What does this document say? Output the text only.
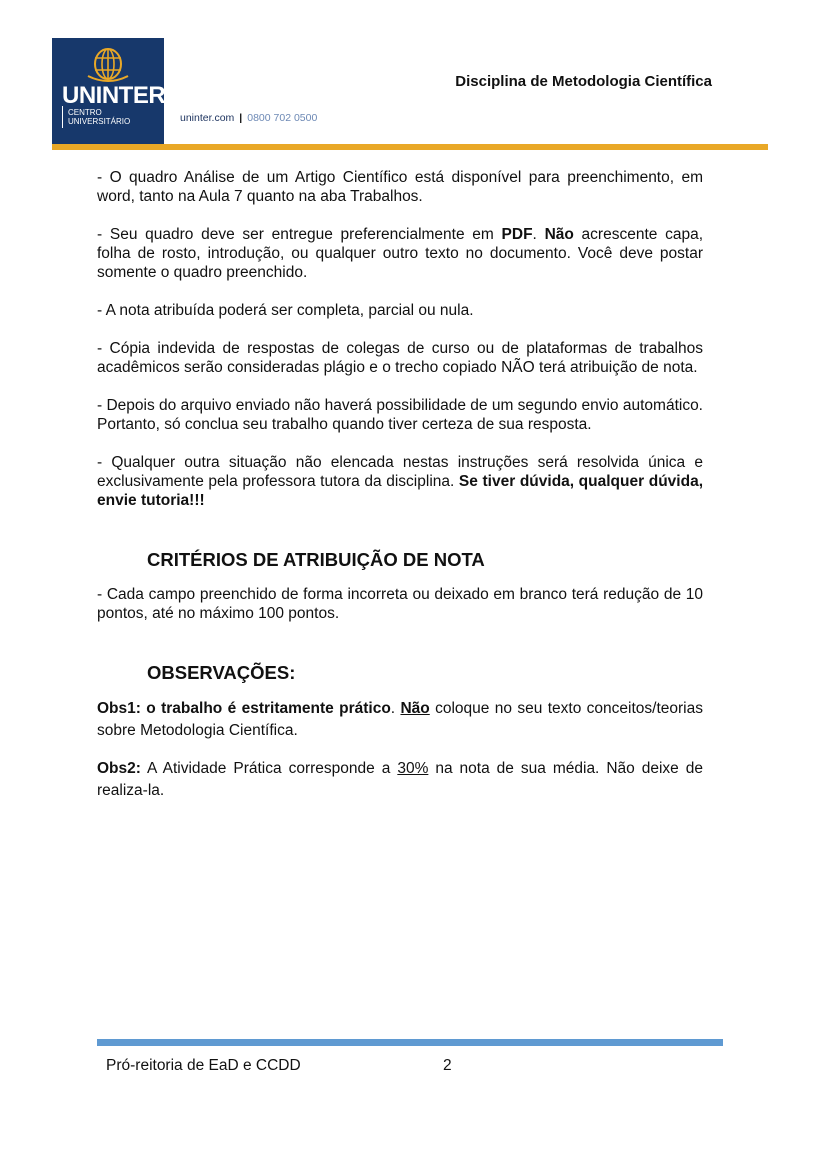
UNINTER
CENTRO
UNIVERSITÁRIO	uninter.com | 0800 702 0500
Disciplina de Metodologia Científica

- O quadro Análise de um Artigo Científico está disponível para preenchimento, em word, tanto na Aula 7 quanto na aba Trabalhos.

- Seu quadro deve ser entregue preferencialmente em PDF. Não acrescente capa, folha de rosto, introdução, ou qualquer outro texto no documento. Você deve postar somente o quadro preenchido.

- A nota atribuída poderá ser completa, parcial ou nula.

- Cópia indevida de respostas de colegas de curso ou de plataformas de trabalhos acadêmicos serão consideradas plágio e o trecho copiado NÃO terá atribuição de nota.

- Depois do arquivo enviado não haverá possibilidade de um segundo envio automático. Portanto, só conclua seu trabalho quando tiver certeza de sua resposta.

- Qualquer outra situação não elencada nestas instruções será resolvida única e exclusivamente pela professora tutora da disciplina. Se tiver dúvida, qualquer dúvida, envie tutoria!!!

CRITÉRIOS DE ATRIBUIÇÃO DE NOTA

- Cada campo preenchido de forma incorreta ou deixado em branco terá redução de 10 pontos, até no máximo 100 pontos.

OBSERVAÇÕES:

Obs1: o trabalho é estritamente prático. Não coloque no seu texto conceitos/teorias sobre Metodologia Científica.

Obs2: A Atividade Prática corresponde a 30% na nota de sua média. Não deixe de realiza-la.

Pró-reitoria de EaD e CCDD	2
